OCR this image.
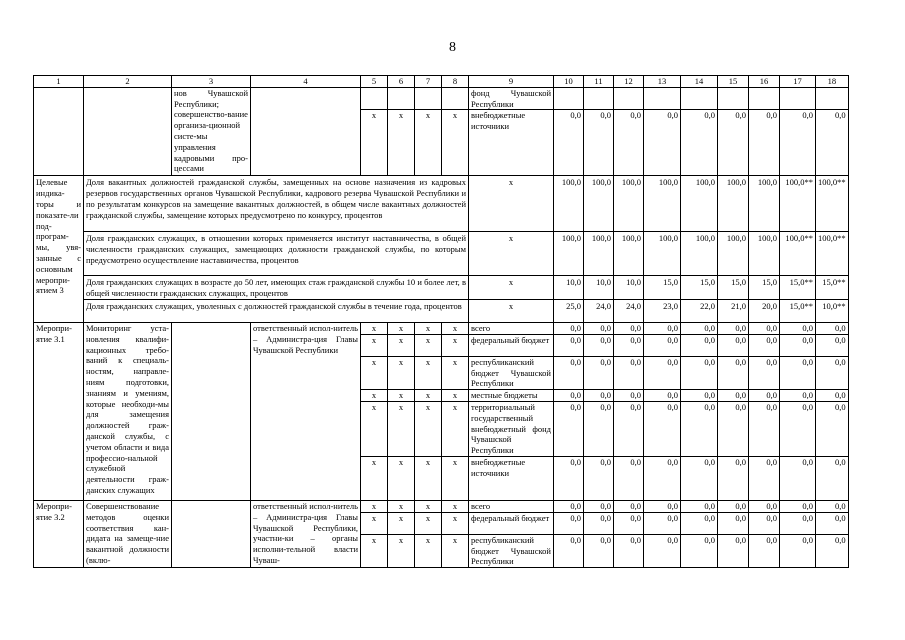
8
1	2	3	4	5	6	7	8	9	10	11	12	13	14	15	16	17	18
		нов Чувашской Республики; совершенство-вание организа-ционной систе-мы управления кадровыми про-цессами						фонд Чувашской Республики									
				x	x	x	x	внебюджетные источники	0,0	0,0	0,0	0,0	0,0	0,0	0,0	0,0	0,0
Целевые индика-торы и показате-ли под-програм-мы, увя-занные с основным меропри-ятием 3	Доля вакантных должностей гражданской службы, замещенных на основе назначения из кадровых резервов государственных органов Чувашской Республики, кадрового резерва Чувашской Республики и по результатам конкурсов на замещение вакантных должностей, в общем числе вакантных должностей гражданской службы, замещение которых предусмотрено по конкурсу, процентов							x	100,0	100,0	100,0	100,0	100,0	100,0	100,0	100,0**	100,0**
	Доля гражданских служащих, в отношении которых применяется институт наставничества, в общей численности гражданских служащих, замещающих должности гражданской службы, по которым предусмотрено осуществление наставничества, процентов							x	100,0	100,0	100,0	100,0	100,0	100,0	100,0	100,0**	100,0**
	Доля гражданских служащих в возрасте до 50 лет, имеющих стаж гражданской службы 10 и более лет, в общей численности гражданских служащих, процентов							x	10,0	10,0	10,0	15,0	15,0	15,0	15,0	15,0**	15,0**
	Доля гражданских служащих, уволенных с должностей гражданской службы в течение года, процентов							x	25,0	24,0	24,0	23,0	22,0	21,0	20,0	15,0**	10,0**
Меропри-ятие 3.1	Мониторинг уста-новления квалифи-кационных требо-ваний к специаль-ностям, направле-ниям подготовки, знаниям и умениям, которые необходи-мы для замещения должностей граж-данской службы, с учетом области и вида профессио-нальной служебной деятельности граж-данских служащих		ответственный испол-нитель – Администра-ция Главы Чувашской Республики	x	x	x	x	всего	0,0	0,0	0,0	0,0	0,0	0,0	0,0	0,0	0,0
				x	x	x	x	федеральный бюджет	0,0	0,0	0,0	0,0	0,0	0,0	0,0	0,0	0,0
				x	x	x	x	республиканский бюджет Чувашской Республики	0,0	0,0	0,0	0,0	0,0	0,0	0,0	0,0	0,0
				x	x	x	x	местные бюджеты	0,0	0,0	0,0	0,0	0,0	0,0	0,0	0,0	0,0
				x	x	x	x	территориальный государственный внебюджетный фонд Чувашской Республики	0,0	0,0	0,0	0,0	0,0	0,0	0,0	0,0	0,0
				x	x	x	x	внебюджетные источники	0,0	0,0	0,0	0,0	0,0	0,0	0,0	0,0	0,0
Меропри-ятие 3.2	Совершенствование методов оценки соответствия кан-дидата на замеще-ние вакантной должности (вклю-		ответственный испол-нитель – Администра-ция Главы Чувашской Республики, участни-ки – органы исполни-тельной власти Чуваш-	x	x	x	x	всего	0,0	0,0	0,0	0,0	0,0	0,0	0,0	0,0	0,0
				x	x	x	x	федеральный бюджет	0,0	0,0	0,0	0,0	0,0	0,0	0,0	0,0	0,0
				x	x	x	x	республиканский бюджет Чувашской Республики	0,0	0,0	0,0	0,0	0,0	0,0	0,0	0,0	0,0
